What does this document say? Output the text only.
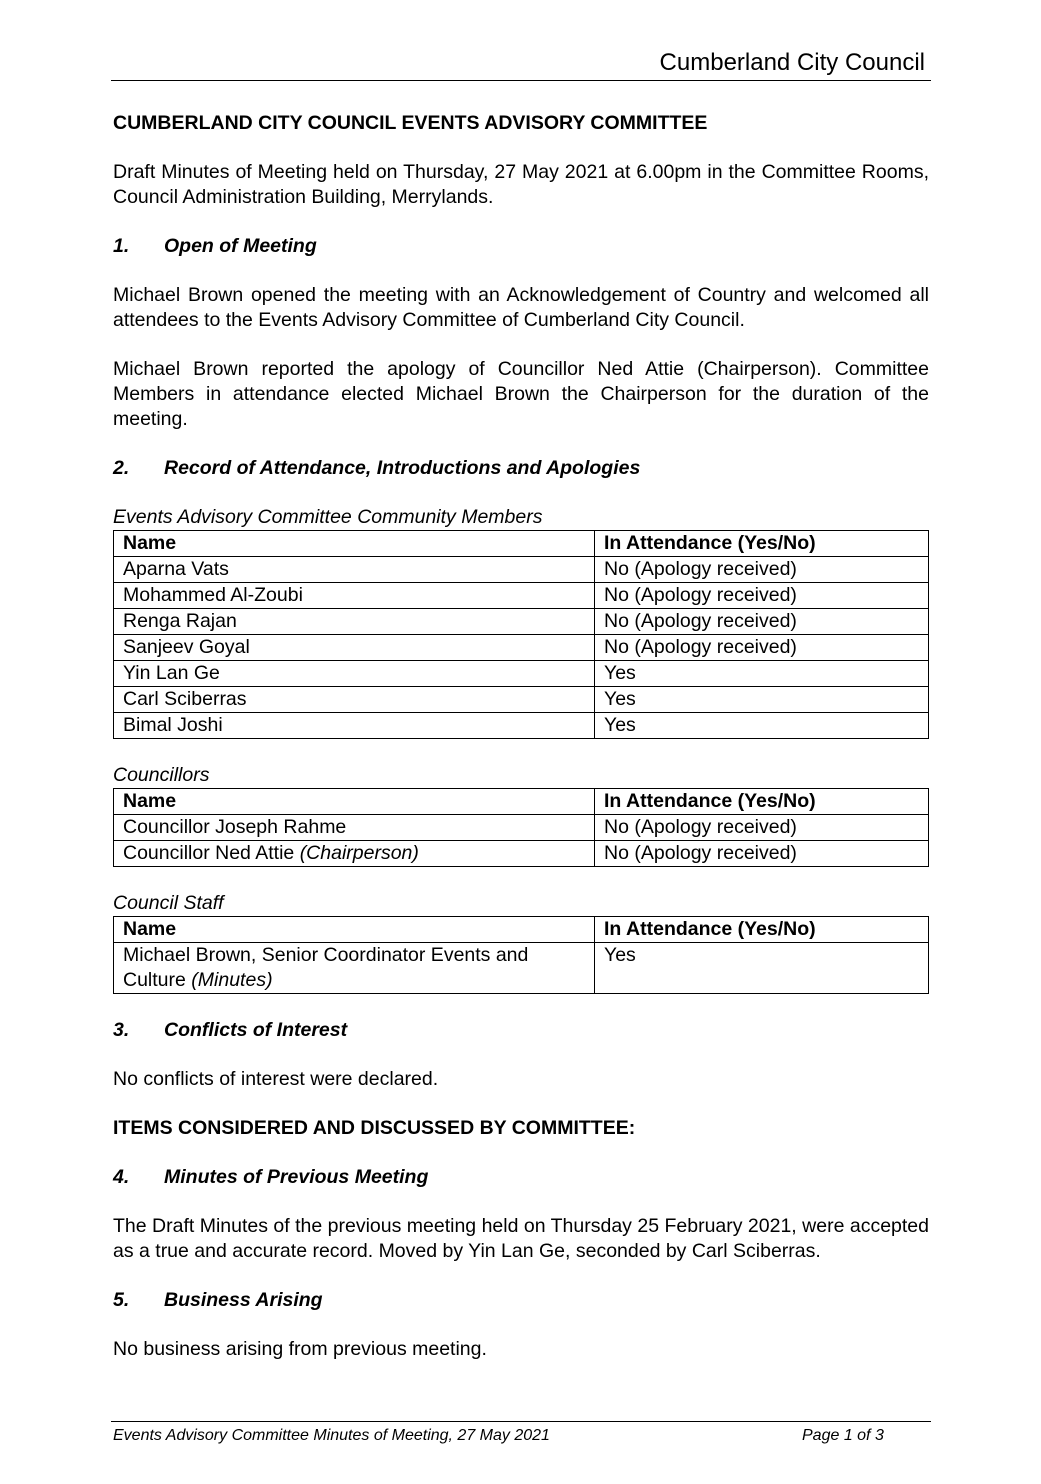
Cumberland City Council

CUMBERLAND CITY COUNCIL EVENTS ADVISORY COMMITTEE

Draft Minutes of Meeting held on Thursday, 27 May 2021 at 6.00pm in the Committee Rooms, Council Administration Building, Merrylands.

1.	Open of Meeting

Michael Brown opened the meeting with an Acknowledgement of Country and welcomed all attendees to the Events Advisory Committee of Cumberland City Council.

Michael Brown reported the apology of Councillor Ned Attie (Chairperson). Committee Members in attendance elected Michael Brown the Chairperson for the duration of the meeting.

2.	Record of Attendance, Introductions and Apologies
Events Advisory Committee Community Members
Name	In Attendance (Yes/No)
Aparna Vats	No (Apology received)
Mohammed Al-Zoubi	No (Apology received)
Renga Rajan	No (Apology received)
Sanjeev Goyal	No (Apology received)
Yin Lan Ge	Yes
Carl Sciberras	Yes
Bimal Joshi	Yes
Councillors
Name	In Attendance (Yes/No)
Councillor Joseph Rahme	No (Apology received)
Councillor Ned Attie (Chairperson)	No (Apology received)
Council Staff
Name	In Attendance (Yes/No)
Michael Brown, Senior Coordinator Events and Culture (Minutes)	Yes
3.	Conflicts of Interest

No conflicts of interest were declared.

ITEMS CONSIDERED AND DISCUSSED BY COMMITTEE:

4.	Minutes of Previous Meeting

The Draft Minutes of the previous meeting held on Thursday 25 February 2021, were accepted as a true and accurate record. Moved by Yin Lan Ge, seconded by Carl Sciberras.

5.	Business Arising

No business arising from previous meeting.

Events Advisory Committee Minutes of Meeting, 27 May 2021	Page 1 of 3
